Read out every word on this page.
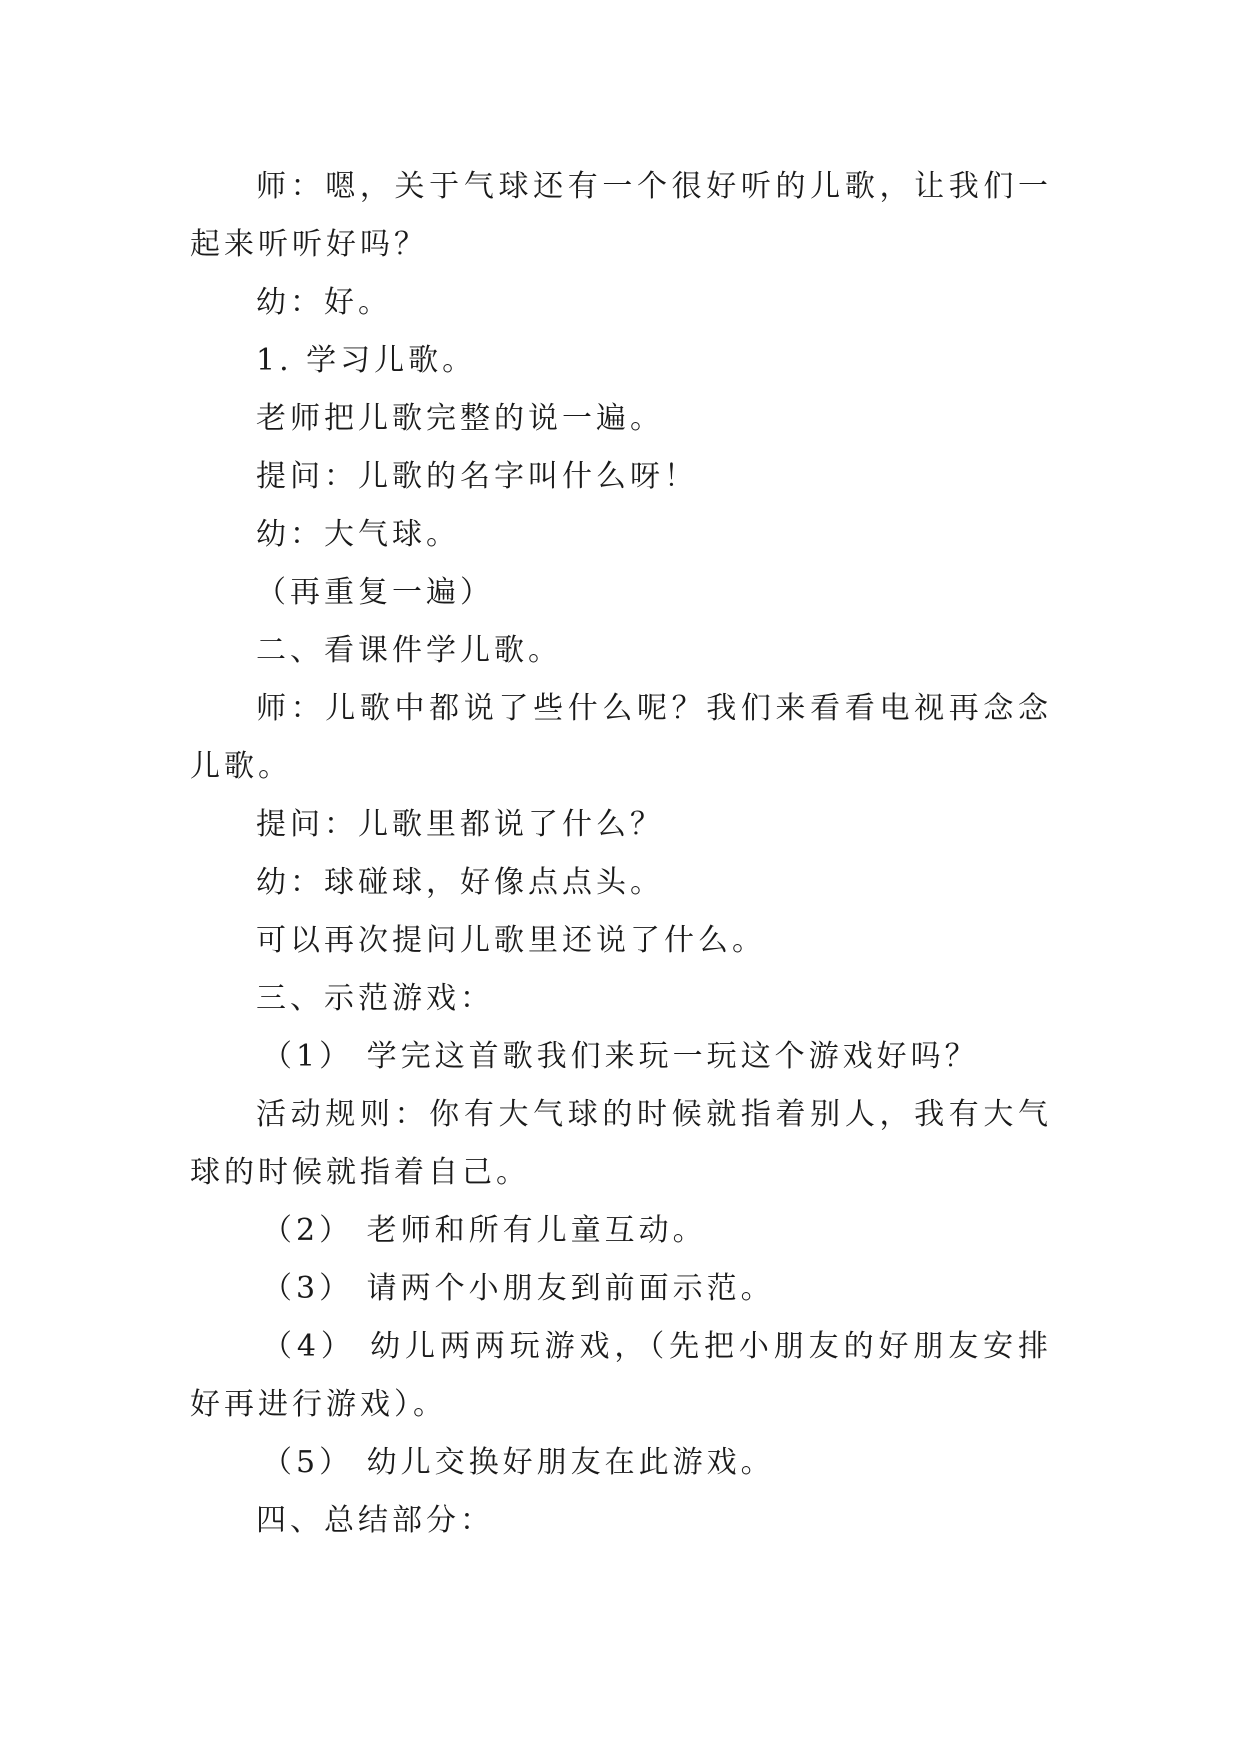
师：嗯，关于气球还有一个很好听的儿歌，让我们一起来听听好吗？

幼：好。

1. 学习儿歌。

老师把儿歌完整的说一遍。

提问：儿歌的名字叫什么呀！

幼：大气球。

（再重复一遍）

二、看课件学儿歌。

师：儿歌中都说了些什么呢？我们来看看电视再念念儿歌。

提问：儿歌里都说了什么？

幼：球碰球，好像点点头。

可以再次提问儿歌里还说了什么。

三、示范游戏：

（1） 学完这首歌我们来玩一玩这个游戏好吗？

活动规则：你有大气球的时候就指着别人，我有大气球的时候就指着自己。

（2） 老师和所有儿童互动。

（3） 请两个小朋友到前面示范。

（4） 幼儿两两玩游戏，（先把小朋友的好朋友安排好再进行游戏）。

（5） 幼儿交换好朋友在此游戏。

四、总结部分：
